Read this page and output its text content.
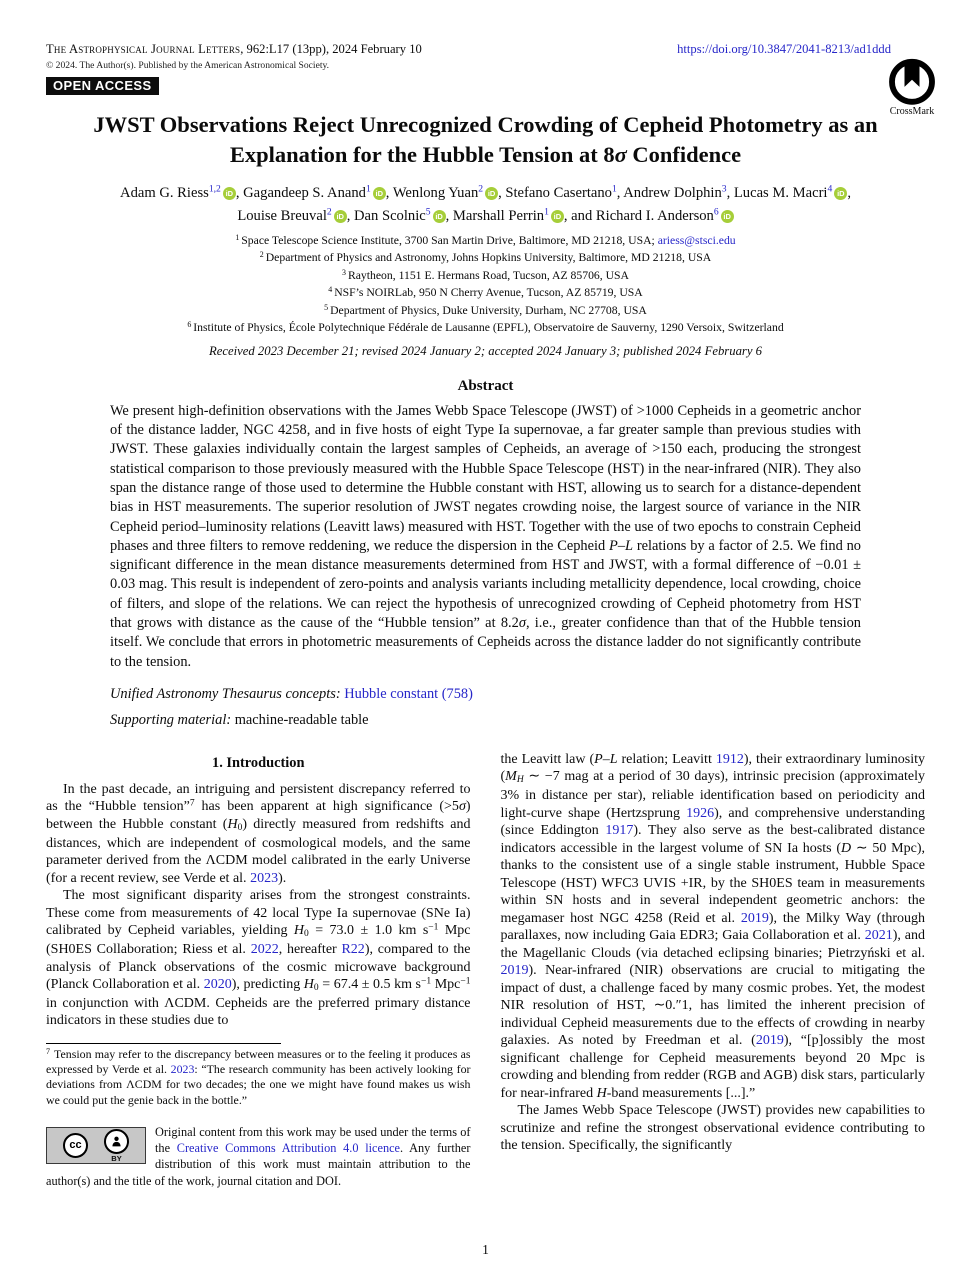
The Astrophysical Journal Letters, 962:L17 (13pp), 2024 February 10
© 2024. The Author(s). Published by the American Astronomical Society.
OPEN ACCESS
https://doi.org/10.3847/2041-8213/ad1ddd
CrossMark
JWST Observations Reject Unrecognized Crowding of Cepheid Photometry as an Explanation for the Hubble Tension at 8σ Confidence
Adam G. Riess$^{1,2}$ iD , Gagandeep S. Anand$^1$ iD , Wenlong Yuan$^2$ iD , Stefano Casertano$^1$, Andrew Dolphin$^3$, Lucas M. Macri$^4$ iD ,
Louise Breuval$^2$ iD , Dan Scolnic$^5$ iD , Marshall Perrin$^1$ iD , and Richard I. Anderson$^6$ iD
$^1$ Space Telescope Science Institute, 3700 San Martin Drive, Baltimore, MD 21218, USA; ariess@stsci.edu
$^2$ Department of Physics and Astronomy, Johns Hopkins University, Baltimore, MD 21218, USA
$^3$ Raytheon, 1151 E. Hermans Road, Tucson, AZ 85706, USA
$^4$ NSF’s NOIRLab, 950 N Cherry Avenue, Tucson, AZ 85719, USA
$^5$ Department of Physics, Duke University, Durham, NC 27708, USA
$^6$ Institute of Physics, École Polytechnique Fédérale de Lausanne (EPFL), Observatoire de Sauverny, 1290 Versoix, Switzerland
Received 2023 December 21; revised 2024 January 2; accepted 2024 January 3; published 2024 February 6
Abstract
We present high-definition observations with the James Webb Space Telescope (JWST) of >1000 Cepheids in a geometric anchor of the distance ladder, NGC 4258, and in five hosts of eight Type Ia supernovae, a far greater sample than previous studies with JWST. These galaxies individually contain the largest samples of Cepheids, an average of >150 each, producing the strongest statistical comparison to those previously measured with the Hubble Space Telescope (HST) in the near-infrared (NIR). They also span the distance range of those used to determine the Hubble constant with HST, allowing us to search for a distance-dependent bias in HST measurements. The superior resolution of JWST negates crowding noise, the largest source of variance in the NIR Cepheid period–luminosity relations (Leavitt laws) measured with HST. Together with the use of two epochs to constrain Cepheid phases and three filters to remove reddening, we reduce the dispersion in the Cepheid P–L relations by a factor of 2.5. We find no significant difference in the mean distance measurements determined from HST and JWST, with a formal difference of −0.01 ± 0.03 mag. This result is independent of zero-points and analysis variants including metallicity dependence, local crowding, choice of filters, and slope of the relations. We can reject the hypothesis of unrecognized crowding of Cepheid photometry from HST that grows with distance as the cause of the “Hubble tension” at 8.2σ, i.e., greater confidence than that of the Hubble tension itself. We conclude that errors in photometric measurements of Cepheids across the distance ladder do not significantly contribute to the tension.
Unified Astronomy Thesaurus concepts: Hubble constant (758)
Supporting material: machine-readable table
1. Introduction

In the past decade, an intriguing and persistent discrepancy referred to as the “Hubble tension”$^7$ has been apparent at high significance (>5σ) between the Hubble constant (H0) directly measured from redshifts and distances, which are independent of cosmological models, and the same parameter derived from the ΛCDM model calibrated in the early Universe (for a recent review, see Verde et al. 2023).

The most significant disparity arises from the strongest constraints. These come from measurements of 42 local Type Ia supernovae (SNe Ia) calibrated by Cepheid variables, yielding H0 = 73.0 ± 1.0 km $s^{-1}$ Mpc (SH0ES Collaboration; Riess et al. 2022, hereafter R22), compared to the analysis of Planck observations of the cosmic microwave background (Planck Collaboration et al. 2020), predicting H0 = 67.4 ± 0.5 km $s^{-1}$ Mpc$^{-1}$ in conjunction with ΛCDM. Cepheids are the preferred primary distance indicators in these studies due to

$^7$ Tension may refer to the discrepancy between measures or to the feeling it produces as expressed by Verde et al. 2023: “The research community has been actively looking for deviations from ΛCDM for two decades; the one we might have found makes us wish we could put the genie back in the bottle.”
cc
BY
Original content from this work may be used under the terms of the Creative Commons Attribution 4.0 licence. Any further distribution of this work must maintain attribution to the author(s) and the title of the work, journal citation and DOI.

the Leavitt law (P–L relation; Leavitt 1912), their extraordinary luminosity (MH ∼ −7 mag at a period of 30 days), intrinsic precision (approximately 3% in distance per star), reliable identification based on periodicity and light-curve shape (Hertzsprung 1926), and comprehensive understanding (since Eddington 1917). They also serve as the best-calibrated distance indicators accessible in the largest volume of SN Ia hosts (D ∼ 50 Mpc), thanks to the consistent use of a single stable instrument, Hubble Space Telescope (HST) WFC3 UVIS +IR, by the SH0ES team in measurements within SN hosts and in several independent geometric anchors: the megamaser host NGC 4258 (Reid et al. 2019), the Milky Way (through parallaxes, now including Gaia EDR3; Gaia Collaboration et al. 2021), and the Magellanic Clouds (via detached eclipsing binaries; Pietrzyński et al. 2019). Near-infrared (NIR) observations are crucial to mitigating the impact of dust, a challenge faced by many cosmic probes. Yet, the modest NIR resolution of HST, ∼0.″1, has limited the inherent precision of individual Cepheid measurements due to the effects of crowding in nearby galaxies. As noted by Freedman et al. (2019), “[p]ossibly the most significant challenge for Cepheid measurements beyond 20 Mpc is crowding and blending from redder (RGB and AGB) disk stars, particularly for near-infrared H-band measurements [...].”

The James Webb Space Telescope (JWST) provides new capabilities to scrutinize and refine the strongest observational evidence contributing to the tension. Specifically, the significantly

1
